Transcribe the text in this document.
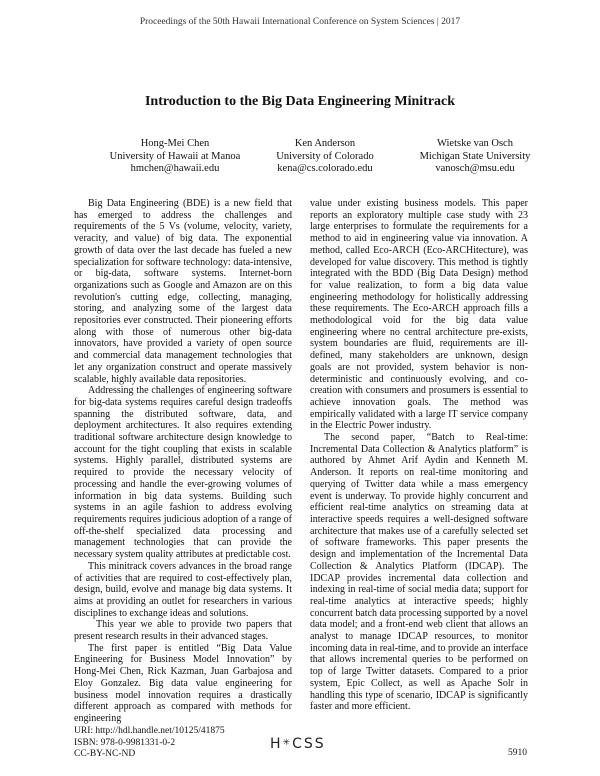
Proceedings of the 50th Hawaii International Conference on System Sciences | 2017
Introduction to the Big Data Engineering Minitrack
Hong-Mei Chen
University of Hawaii at Manoa
hmchen@hawaii.edu
Ken Anderson
University of Colorado
kena@cs.colorado.edu
Wietske van Osch
Michigan State University
vanosch@msu.edu

Big Data Engineering (BDE) is a new field that has emerged to address the challenges and requirements of the 5 Vs (volume, velocity, variety, veracity, and value) of big data. The exponential growth of data over the last decade has fueled a new specialization for software technology: data-intensive, or big-data, software systems. Internet-born organizations such as Google and Amazon are on this revolution's cutting edge, collecting, managing, storing, and analyzing some of the largest data repositories ever constructed. Their pioneering efforts along with those of numerous other big-data innovators, have provided a variety of open source and commercial data management technologies that let any organization construct and operate massively scalable, highly available data repositories.

Addressing the challenges of engineering software for big-data systems requires careful design tradeoffs spanning the distributed software, data, and deployment architectures. It also requires extending traditional software architecture design knowledge to account for the tight coupling that exists in scalable systems. Highly parallel, distributed systems are required to provide the necessary velocity of processing and handle the ever-growing volumes of information in big data systems. Building such systems in an agile fashion to address evolving requirements requires judicious adoption of a range of off-the-shelf specialized data processing and management technologies that can provide the necessary system quality attributes at predictable cost.

This minitrack covers advances in the broad range of activities that are required to cost-effectively plan, design, build, evolve and manage big data systems. It aims at providing an outlet for researchers in various disciplines to exchange ideas and solutions.

This year we able to provide two papers that present research results in their advanced stages.

The first paper is entitled “Big Data Value Engineering for Business Model Innovation” by Hong-Mei Chen, Rick Kazman, Juan Garbajosa and Eloy Gonzalez. Big data value engineering for business model innovation requires a drastically different approach as compared with methods for engineering

value under existing business models. This paper reports an exploratory multiple case study with 23 large enterprises to formulate the requirements for a method to aid in engineering value via innovation. A method, called Eco-ARCH (Eco-ARCHitecture), was developed for value discovery. This method is tightly integrated with the BDD (Big Data Design) method for value realization, to form a big data value engineering methodology for holistically addressing these requirements. The Eco-ARCH approach fills a methodological void for the big data value engineering where no central architecture pre-exists, system boundaries are fluid, requirements are ill-defined, many stakeholders are unknown, design goals are not provided, system behavior is non-deterministic and continuously evolving, and co-creation with consumers and prosumers is essential to achieve innovation goals. The method was empirically validated with a large IT service company in the Electric Power industry.

The second paper, “Batch to Real-time: Incremental Data Collection & Analytics platform” is authored by Ahmet Arif Aydin and Kenneth M. Anderson. It reports on real-time monitoring and querying of Twitter data while a mass emergency event is underway. To provide highly concurrent and efficient real-time analytics on streaming data at interactive speeds requires a well-designed software architecture that makes use of a carefully selected set of software frameworks. This paper presents the design and implementation of the Incremental Data Collection & Analytics Platform (IDCAP). The IDCAP provides incremental data collection and indexing in real-time of social media data; support for real-time analytics at interactive speeds; highly concurrent batch data processing supported by a novel data model; and a front-end web client that allows an analyst to manage IDCAP resources, to monitor incoming data in real-time, and to provide an interface that allows incremental queries to be performed on top of large Twitter datasets. Compared to a prior system, Epic Collect, as well as Apache Solr in handling this type of scenario, IDCAP is significantly faster and more efficient.

URI: http://hdl.handle.net/10125/41875
ISBN: 978-0-9981331-0-2
CC-BY-NC-ND
H✳CSS
5910
